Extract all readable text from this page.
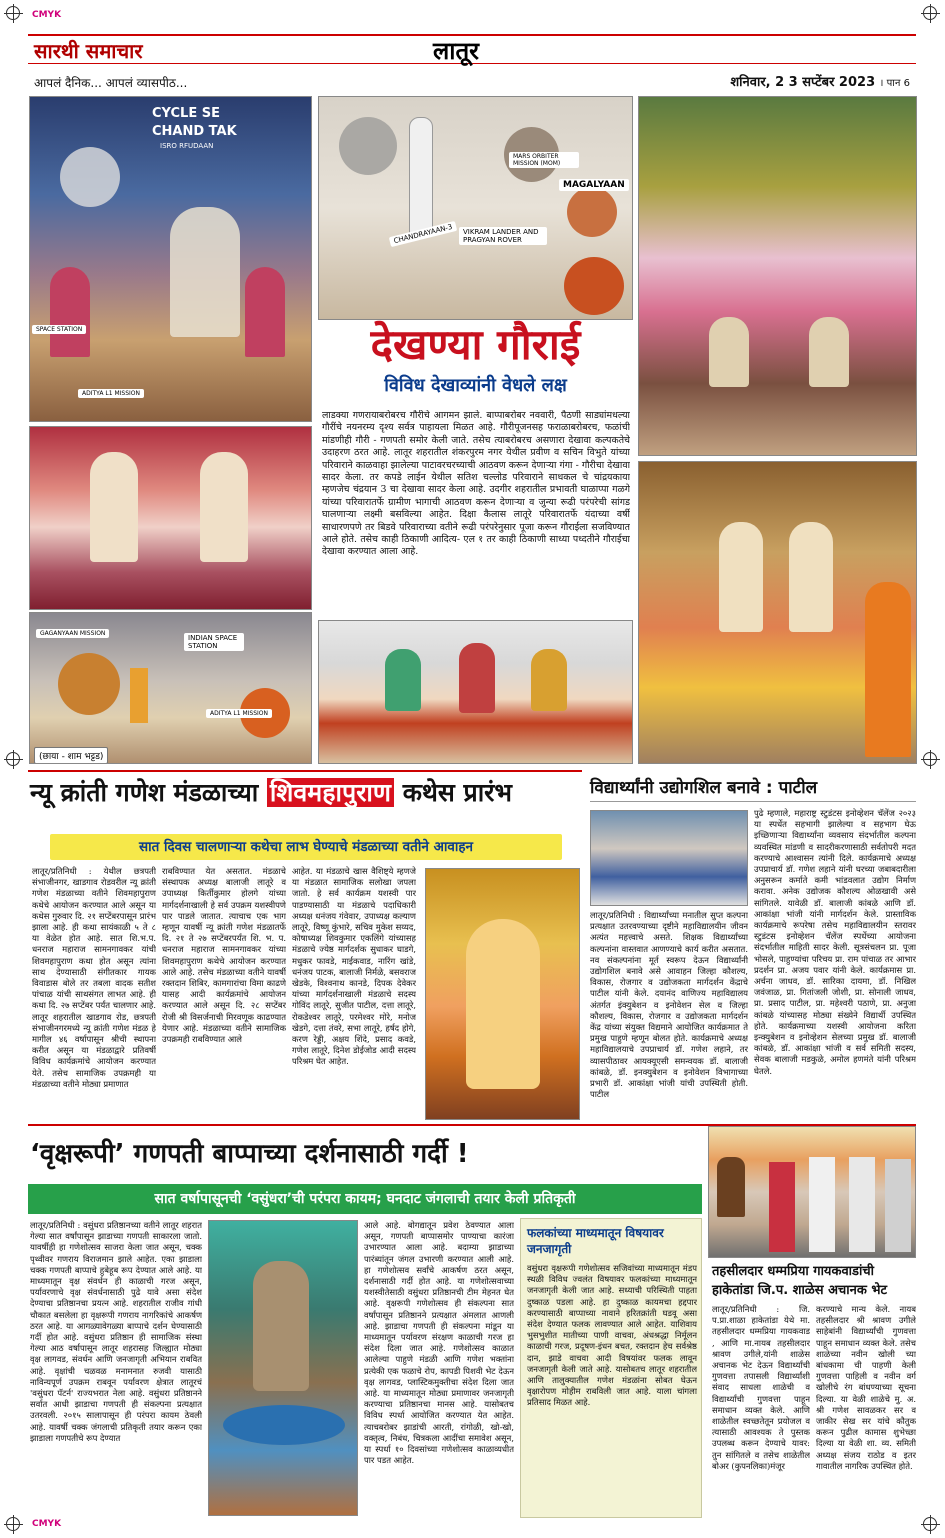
CMYK
CMYK
सारथी समाचार	लातूर
आपलं दैनिक... आपलं व्यासपीठ...	शनिवार, 2 3 सप्टेंबर 2023 । पान 6
CYCLE SE
CHAND TAK
ISRO RFUDAAN
SPACE STATION
ADITYA L1 MISSION
MARS ORBITER MISSION (MOM)
MAGALYAAN
VIKRAM LANDER AND PRAGYAN ROVER
CHANDRAYAAN-3
देखण्या गौराई
विविध देखाव्यांनी वेधले लक्ष
लाडक्या गणरायाबरोबरच गौरीचे आगमन झाले. बाप्पाबरोबर नववारी, पैठणी साड्यांमधल्या गौरींचे नयनरम्य दृश्य सर्वत्र पाहायला मिळत आहे. गौरीपूजनसह फराळाबरोबरच, फळांची मांडणीही गौरी - गणपती समोर केली जाते. तसेच त्याबरोबरच असणारा देखावा कल्पकतेचे उदाहरण ठरत आहे. लातूर शहरातील शंकरपुरम नगर येथील प्रवीण व सचिन विभुते यांच्या परिवाराने काळवाहा झालेल्या पाटावरचरच्याची आठवण करून देणाऱ्या गंगा - गौरीचा देखावा सादर केला. तर कपडे लाईन येथील सतिश चल्लोड परिवाराने साधकल चे चांद्रयकाया म्हणजेच चंद्रयान 3 चा देखावा सादर केला आहे. उदगीर शहरातील प्रभावती घाळाप्पा गळगे यांच्या परिवारातर्फे ग्रामीण भागाची आठवण करून देणाऱ्या व जुन्या रूढी परंपरेची सांगड घालणाऱ्या लक्ष्मी बसविल्या आहेत. दिक्षा कैलास लातूरे परिवारातर्फे यंदाच्या वर्षी साधारणपणे तर बिडवे परिवाराच्या वतीने रूढी परंपरेनुसार पूजा करून गौराईला सजविण्यात आले होते. तसेच काही ठिकाणी आदित्य- एल १ तर काही ठिकाणी साध्या पध्दतीने गौराईचा देखावा करण्यात आला आहे.
GAGANYAAN MISSION
INDIAN SPACE STATION
ADITYA L1 MISSION
(छाया - शाम भट्टड)
न्यू क्रांती गणेश मंडळाच्या शिवमहापुराण कथेस प्रारंभ
सात दिवस चालणाऱ्या कथेचा लाभ घेण्याचे मंडळाच्या वतीने आवाहन
लातूर/प्रतिनिधी : येथील छत्रपती संभाजीनगर, खाडगाव रोडवरील न्यू क्रांती गणेश मंडळाच्या वतीने शिवमहापुराण कथेचे आयोजन करण्यात आले असून या कथेस गुरुवार दि. २१ सप्टेंबरपासून प्रारंभ झाला आहे. ही कथा सायंकाळी ५ ते ८ या वेळेत होत आहे. सात शि.भ.प. धनराज महाराज सामनगावकर यांची शिवमहापुराण कथा होत असून त्यांना साथ देण्यासाठी संगीतकार गायक विवाडास बोले तर तबला वादक सतीश पांचाळ यांची साथसंगत लाभत आहे. ही कथा दि. २७ सप्टेंबर पर्यंत चालणार आहे. लातूर शहरातील खाडगाव रोड, छत्रपती संभाजीनगरमध्ये न्यू क्रांती गणेश मंडळ हे मागील ४६ वर्षापासून श्रीची स्थापना करीत असून या मंडळाद्वारे प्रतिवर्षी विविध कार्यक्रमांचे आयोजन करण्यात येते. तसेच सामाजिक उपक्रमही या मंडळाच्या वतीने मोठ्या प्रमाणात
राबविण्यात येत असतात. मंडळाचे संस्थापक अध्यक्ष बालाजी लातूरे व उपाध्यक्ष किर्तीकुमार होलगे यांच्या मार्गदर्शनाखाली हे सर्व उपक्रम यशस्वीपणे पार पाडले जातात. त्याचाच एक भाग म्हणून यावर्षी न्यू क्रांती गणेश मंडळातर्फे दि. २१ ते २७ सप्टेंबरपर्यंत शि. भ. प. धनराज महाराज सामनगावकर यांच्या शिवमहापुराण कथेचे आयोजन करण्यात आले आहे. तसेच मंडळाच्या वतीने यावर्षी रक्तदान शिबिर, कामगारांचा विमा काढणे यासह आदी कार्यक्रमांचे आयोजन करण्यात आले असून दि. २८ सप्टेंबर रोजी श्री विसर्जनाची मिरवणूक काढण्यात येणार आहे. मंडळाच्या वतीने सामाजिक उपक्रमही राबविण्यात आले
आहेत. या मंडळाचे खास वैशिष्ट्ये म्हणजे या मंडळात सामाजिक सलोखा जपला जातो. हे सर्व कार्यक्रम यशस्वी पार पाडण्यासाठी या मंडळाचे पदाधिकारी अध्यक्ष धनंजय गंवेवार, उपाध्यक्ष कल्याण लातूरे, विष्णू कुंभारे, सचिव मुकेश सय्यद, कोषाध्यक्ष शिवकुमार एकलिंगे यांच्यासह मंडळाचे ज्येष्ठ मार्गदर्शक सुधाकर घाडगे, मधुकर फावडे, माईकवाड, नारिंग खांडे, धनंजय पाटक, बालाजी निर्मळे, बसवराज खेडके, विश्वनाथ कानडे, दिपक देवेकर यांच्या मार्गदर्शनाखाली मंडळाचे सदस्य गोविंद लातूरे, सुजीत पाटील, दत्ता लातूरे, रोकडेश्वर लातूरे, परमेश्वर मोरे, मनोज खेडगे, दत्ता तंवरे, सभा लातूरे, हर्षद होगे, करण रेड्डी, अक्षय शिंदे, प्रसाद कवडे, गणेश लातूरे, दिनेश डोईजोड आदी सदस्य परिश्रम घेत आहेत.
विद्यार्थ्यांनी उद्योगशिल बनावे : पाटील
लातूर/प्रतिनिधी : विद्यार्थ्यांच्या मनातील सुप्त कल्पना प्रत्यक्षात उतरवण्याच्या दृष्टीने महाविद्यालयीन जीवन अत्यंत महत्त्वाचे असते. शिक्षक विद्यार्थ्यांच्या कल्पनांना वास्तवात आणण्याचे कार्य करीत असतात. नव संकल्पनांना मूर्त स्वरूप देऊन विद्यार्थ्यांनी उद्योगशिल बनावे असे आवाहन जिल्हा कौशल्य, विकास, रोजगार व उद्योजकता मार्गदर्शन केंद्राचे पाटील यांनी केले. दयानंद वाणिज्य महाविद्यालय अंतर्गत इंक्युबेशन व इनोवेशन सेल व जिल्हा कौशल्य, विकास, रोजगार व उद्योजकता मार्गदर्शन केंद्र यांच्या संयुक्त विद्यमाने आयोजित कार्यक्रमात ते प्रमुख पाहुणे म्हणून बोलत होते. कार्यक्रमाचे अध्यक्ष महाविद्यालयाचे उपप्राचार्य डॉ. गणेश लहाने, तर व्यासपीठावर आयक्यूएसी समन्वयक डॉ. बालाजी कांबळे, डॉ. इनक्युबेशन व इनोवेशन विभागाच्या प्रभारी डॉ. आकांक्षा भांजी यांची उपस्थिती होती. पाटील
पुढे म्हणाले, महाराष्ट्र स्टुडंटस इनोव्हेशन चॅलेंज २०२३ या स्पर्धेत सहभागी झालेल्या व सहभाग घेऊ इच्छिणाऱ्या विद्यार्थ्यांना व्यवसाय संदर्भातील कल्पना व्यवस्थित मांडणी व सादरीकरणासाठी सर्वतोपरी मदत करण्याचे आश्वासन त्यांनी दिले. कार्यक्रमाचे अध्यक्ष उपप्राचार्य डॉ. गणेश लहाने यांनी घरच्या जबाबदारीला अनुसरून कर्माते कमी भांडवलात उद्योग निर्माण करावा. अनेक उद्योजक कौशल्य ओळखावी असे सांगितले. यावेळी डॉ. बालाजी कांबळे आणि डॉ. आकांक्षा भांजी यांनी मार्गदर्शन केले. प्रास्ताविक कार्यक्रमाचे रूपरेषा तसेच महाविद्यालयीन स्तरावर स्टुडंटस इनोव्हेशन चॅलेंज स्पर्धेच्या आयोजना संदर्भातील माहिती सादर केली. सूत्रसंचलन प्रा. पूजा भोसले, पाहुण्यांचा परिचय प्रा. राम पांचाळ तर आभार प्रदर्शन प्रा. अजय पवार यांनी केले. कार्यक्रमास प्रा. अर्चना जाधव, डॉ. सारिका दायमा, डॉ. निखिल जवंजाळ, प्रा. गितांजली जोशी, प्रा. सोनाली जाधव, प्रा. प्रसाद पाटील, प्रा. महेश्वरी पठाणे, प्रा. अनुजा कांबळे यांच्यासह मोठ्या संख्येने विद्यार्थी उपस्थित होते. कार्यक्रमाच्या यशस्वी आयोजना करिता इन्क्युबेशन व इनोव्हेशन सेलच्या प्रमुख डॉ. बालाजी कांबळे, डॉ. आकांक्षा भांजी व सर्व समिती सदस्य, सेवक बालाजी मडकुळे, अमोल हणमंते यांनी परिश्रम घेतले.
‘वृक्षरूपी’ गणपती बाप्पाच्या दर्शनासाठी गर्दी !
सात वर्षापासूनची ‘वसुंधरा’ची परंपरा कायम; घनदाट जंगलाची तयार केली प्रतिकृती
लातूर/प्रतिनिधी : वसुंधरा प्रतिष्ठानच्या वतीने लातूर शहरात गेल्या सात वर्षांपासून झाडाच्या गणपती साकारला जातो. यावर्षीही हा गणेशोत्सव साजरा केला जात असून, चक्क पृथ्वीवर गणराय विराजमान झाले आहेत. एका झाडाला चक्क गणपती बाप्पाचे हुबेहूब रूप देण्यात आले आहे. या माध्यमातून वृक्ष संवर्धन ही काळाची गरज असून, पर्यावरणाचे वृक्ष संवर्धनासाठी पुढे यावे असा संदेश देण्याचा प्रतिष्ठानचा प्रयत्न आहे. शहरातील राजीव गांधी चौकात बसलेला हा वृक्षरूपी गणराय नागरिकांचे आकर्षण ठरत आहे. या आगळ्यावेगळ्या बाप्पाचे दर्शन घेण्यासाठी गर्दी होत आहे. वसुंधरा प्रतिष्ठान ही सामाजिक संस्था गेल्या आठ वर्षापासून लातूर शहरासह जिल्ह्यात मोठ्या वृक्ष लागवड, संवर्धन आणि जनजागृती अभियान राबवित आहे. वृक्षांची चळवळ मनामनात रुजवी यासाठी नाविन्यपूर्ण उपक्रम राबवून पर्यावरण क्षेत्रात लातूरचं 'वसुंधरा पॅटर्न' राज्यभरात नेला आहे. वसुंधरा प्रतिष्ठानने सर्वात आधी झाडाचा गणपती ही संकल्पना प्रत्यक्षात उतरवली. २०१५ सालापासून ही परंपरा कायम ठेवली आहे. यावर्षी चक्क जंगलाची प्रतिकृती तयार करून एका झाडाला गणपतीचे रूप देण्यात
आले आहे. बोगद्यातून प्रवेश ठेवण्यात आला असून, गणपती बाप्पासमोर पाण्याचा कारंजा उभारण्यात आला आहे. बदाम्या झाडाच्या पारंब्यांतून जंगल उभारणी करण्यात आली आहे. हा गणेशोत्सव सर्वांचे आकर्षण ठरत असून, दर्शनासाठी गर्दी होत आहे. या गणेशोत्सवाच्या यशस्वीतेसाठी वसुंधरा प्रतिष्ठानची टीम मेहनत घेत आहे. वृक्षरूपी गणेशोत्सव ही संकल्पना सात वर्षांपासून प्रतिष्ठानने प्रत्यक्षात अंमलात आणली आहे. झाडाचा गणपती ही संकल्पना मांडून या माध्यमातून पर्यावरण संरक्षण काळाची गरज हा संदेश दिला जात आहे. गणेशोत्सव काळात आलेल्या पाहुणे मंडळी आणि गणेश भक्तांना प्रत्येकी एक फळाचे रोप, कापडी पिशवी भेट देऊन वृक्ष लागवड, प्लास्टिकमुक्तीचा संदेश दिला जात आहे. या माध्यमातून मोठ्या प्रमाणावर जनजागृती करण्याचा प्रतिष्ठानचा मानस आहे. यासोबतच विविध स्पर्धा आयोजित करण्यात येत आहेत. त्याचबरोबर झाडांची आरती, रांगोळी, खो-खो, वक्तृत्व, निबंध, चित्रकला आदींचा समावेश असून, या स्पर्धा १० दिवसांच्या गणेशोत्सव काळाव्यधीत पार पडत आहेत.
फलकांच्या माध्यमातून विषयावर जनजागृती
वसुंधरा वृक्षरूपी गणेशोत्सव सजिवांच्या माध्यमातून मंडप स्थळी विविध ज्वलंत विषयावर फलकांच्या माध्यमातून जनजागृती केली जात आहे. सध्याची परिस्थिती पाहता दुष्काळ पडला आहे. हा दुष्काळ कायमचा हद्दपार करण्यासाठी बाप्पाच्या नावाने हरितक्रांती घडवू असा संदेश देण्यात फलक लावण्यात आले आहेत. याशिवाय भुसभुशीत मातीच्या पाणी वाचवा, अंधश्रद्धा निर्मूलन काळाची गरज, प्रदूषण-इंधन बचत, रक्तदान हेच सर्वश्रेष्ठ दान, झाडे वाचवा आदी विषयांवर फलक लावून जनजागृती केली जाते आहे. यासोबतच लातूर शहरातील आणि तालुक्यातील गणेश मंडळांना सोबत घेऊन वृक्षारोपण मोहीम राबविली जात आहे. याला चांगला प्रतिसाद मिळत आहे.
तहसीलदार धम्मप्रिया गायकवाडांची हाकेतांडा जि.प. शाळेस अचानक भेट
लातूर/प्रतिनिधी : जि. प.प्रा.शाळा हाकेतांडा येथे मा. तहसीलदार धम्मप्रिया गायकवाड , आणि मा.नायब तहसीलदार श्रावण उगीले,यांनी शाळेस अचानक भेट देऊन विद्यार्थ्यांची गुणवत्ता तपासली विद्यार्थ्यांशी संवाद साधला शाळेची व विद्यार्थ्यांची गुणवत्ता पाहून समाधान व्यक्त केले. आणि शाळेतील स्वच्छतेतून प्रयोजल व त्यासाठी आवश्यक ते पुस्तक उपलब्ध करून देण्याचे यावर: तुन सांगितले व तसेच शाळेतील बोअर (कुपनलिका)मंजूर
करण्याचे मान्य केले. नायब तहसीलदार श्री श्रावण उगीले साहेबांनी विद्यार्थ्यांची गुणवत्ता पाहून समाधान व्यक्त केले. तसेच शाळेच्या नवीन खोली च्या बांधकामा ची पाहणी केली गुणवत्ता पाहिली व नवीन वर्ग खोलीचे रंग बांधण्याच्या सूचना दिल्या. या वेळी शाळेचे मु. अ. श्री गणेश सावळकर सर व जाकीर सेख सर यांचे कौतुक करून पुढील कामास शुभेच्छा दिल्या या वेळी शा. व्य. समिती अध्यक्ष संजय राठोड व इतर गावातील नागरिक उपस्थित होते.
